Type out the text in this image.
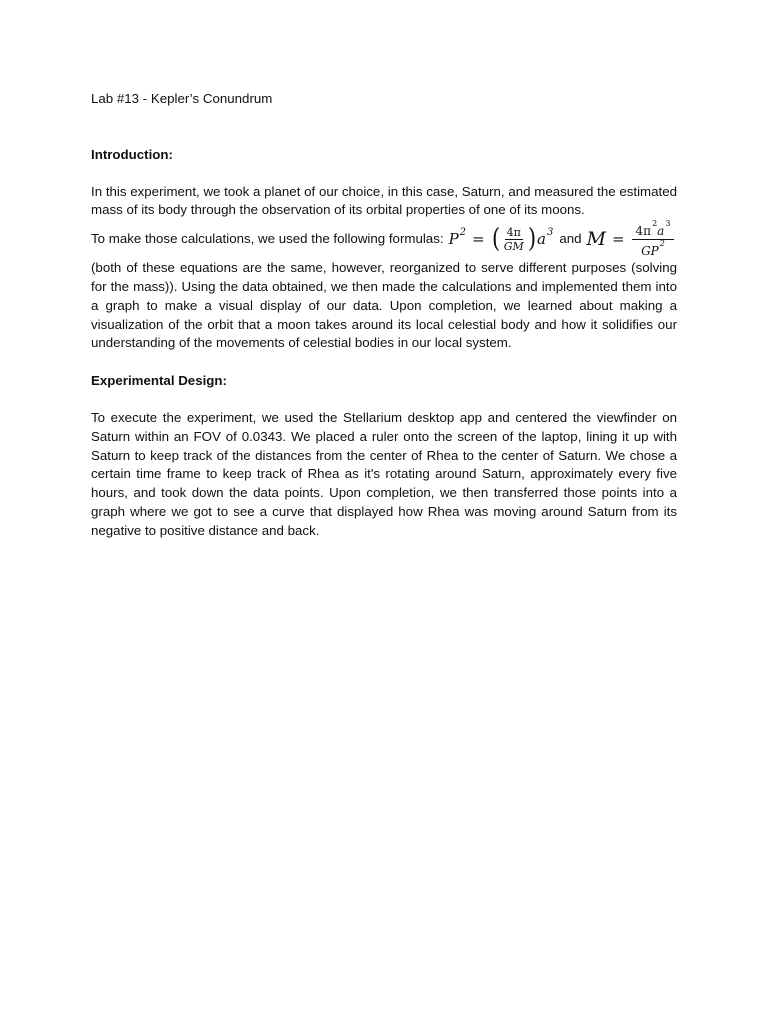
Lab #13 - Kepler’s Conundrum

Introduction:

In this experiment, we took a planet of our choice, in this case, Saturn, and measured the estimated mass of its body through the observation of its orbital properties of one of its moons.

To make those calculations, we used the following formulas: $P^2$ = ( $\frac{4\pi}{GM}$ ) $a^3$ and $M = \frac{4\pi^2a^3}{GP^2}$

(both of these equations are the same, however, reorganized to serve different purposes (solving for the mass)). Using the data obtained, we then made the calculations and implemented them into a graph to make a visual display of our data. Upon completion, we learned about making a visualization of the orbit that a moon takes around its local celestial body and how it solidifies our understanding of the movements of celestial bodies in our local system.

Experimental Design:

To execute the experiment, we used the Stellarium desktop app and centered the viewfinder on Saturn within an FOV of 0.0343. We placed a ruler onto the screen of the laptop, lining it up with Saturn to keep track of the distances from the center of Rhea to the center of Saturn. We chose a certain time frame to keep track of Rhea as it's rotating around Saturn, approximately every five hours, and took down the data points. Upon completion, we then transferred those points into a graph where we got to see a curve that displayed how Rhea was moving around Saturn from its negative to positive distance and back.
